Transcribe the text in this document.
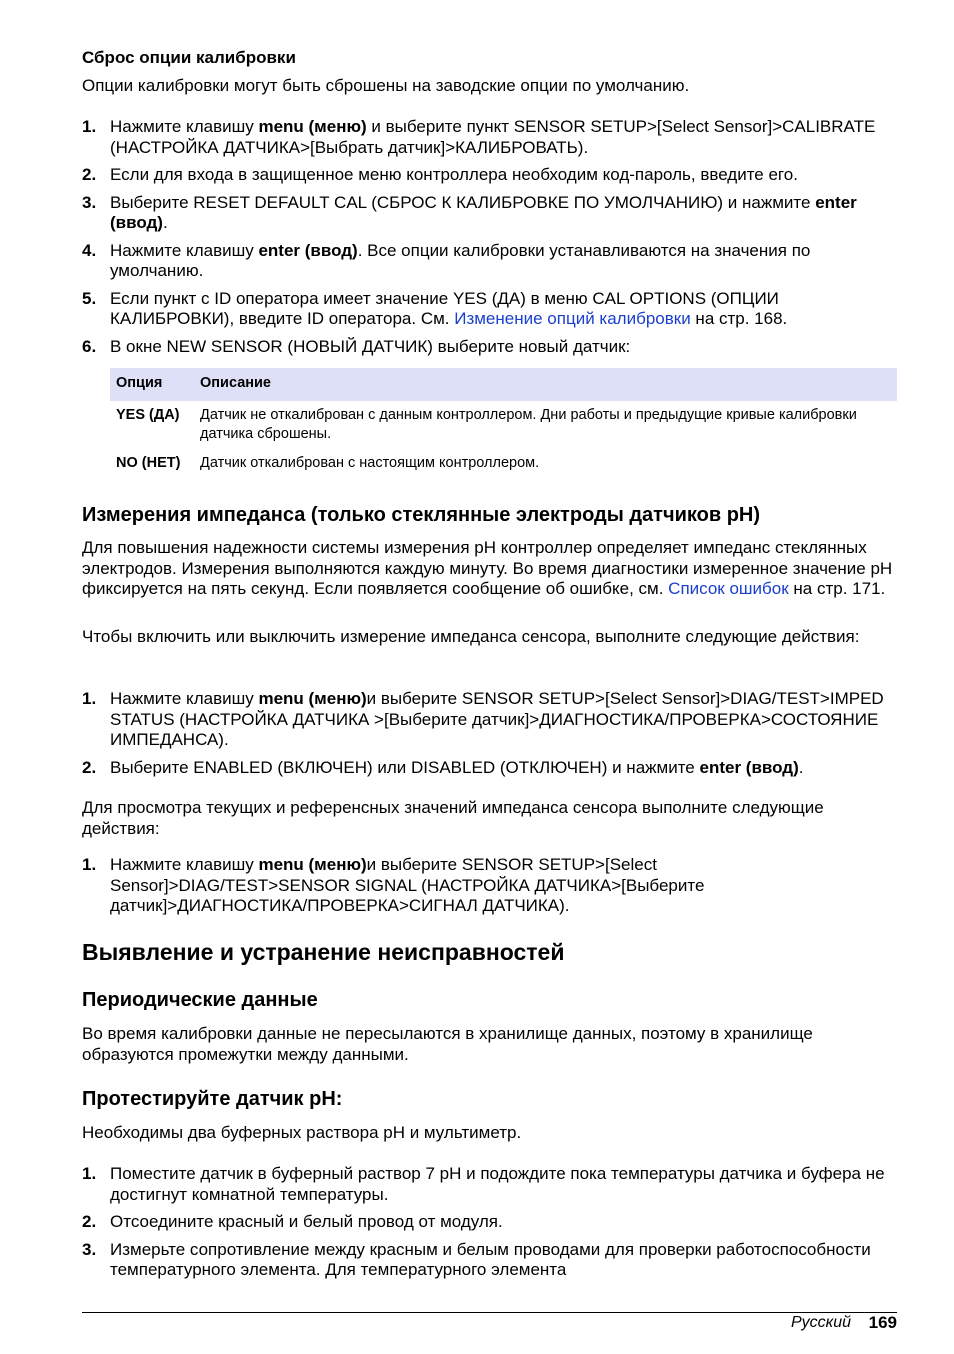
Сброс опции калибровки

Опции калибровки могут быть сброшены на заводские опции по умолчанию.

1. Нажмите клавишу menu (меню) и выберите пункт SENSOR SETUP>[Select Sensor]>CALIBRATE (НАСТРОЙКА ДАТЧИКА>[Выбрать датчик]>КАЛИБРОВАТЬ).
2. Если для входа в защищенное меню контроллера необходим код-пароль, введите его.
3. Выберите RESET DEFAULT CAL (СБРОС К КАЛИБРОВКЕ ПО УМОЛЧАНИЮ) и нажмите enter (ввод).
4. Нажмите клавишу enter (ввод). Все опции калибровки устанавливаются на значения по умолчанию.
5. Если пункт с ID оператора имеет значение YES (ДА) в меню CAL OPTIONS (ОПЦИИ КАЛИБРОВКИ), введите ID оператора. См. Изменение опций калибровки на стр. 168.
6. В окне NEW SENSOR (НОВЫЙ ДАТЧИК) выберите новый датчик:
Опция	Описание
YES (ДА)	Датчик не откалиброван с данным контроллером. Дни работы и предыдущие кривые калибровки датчика сброшены.
NO (НЕТ)	Датчик откалиброван с настоящим контроллером.
Измерения импеданса (только стеклянные электроды датчиков pH)

Для повышения надежности системы измерения pH контроллер определяет импеданс стеклянных электродов. Измерения выполняются каждую минуту. Во время диагностики измеренное значение pH фиксируется на пять секунд. Если появляется сообщение об ошибке, см. Список ошибок на стр. 171.

Чтобы включить или выключить измерение импеданса сенсора, выполните следующие действия:

1. Нажмите клавишу menu (меню)и выберите SENSOR SETUP>[Select Sensor]>DIAG/TEST>IMPED STATUS (НАСТРОЙКА ДАТЧИКА >[Выберите датчик]>ДИАГНОСТИКА/ПРОВЕРКА>СОСТОЯНИЕ ИМПЕДАНСА).
2. Выберите ENABLED (ВКЛЮЧЕН) или DISABLED (ОТКЛЮЧЕН) и нажмите enter (ввод).

Для просмотра текущих и референсных значений импеданса сенсора выполните следующие действия:

1. Нажмите клавишу menu (меню)и выберите SENSOR SETUP>[Select Sensor]>DIAG/TEST>SENSOR SIGNAL (НАСТРОЙКА ДАТЧИКА>[Выберите датчик]>ДИАГНОСТИКА/ПРОВЕРКА>СИГНАЛ ДАТЧИКА).
Выявление и устранение неисправностей
Периодические данные

Во время калибровки данные не пересылаются в хранилище данных, поэтому в хранилище образуются промежутки между данными.

Протестируйте датчик pH:

Необходимы два буферных раствора pH и мультиметр.

1. Поместите датчик в буферный раствор 7 pH и подождите пока температуры датчика и буфера не достигнут комнатной температуры.
2. Отсоедините красный и белый провод от модуля.
3. Измерьте сопротивление между красным и белым проводами для проверки работоспособности температурного элемента. Для температурного элемента
Русский 169
